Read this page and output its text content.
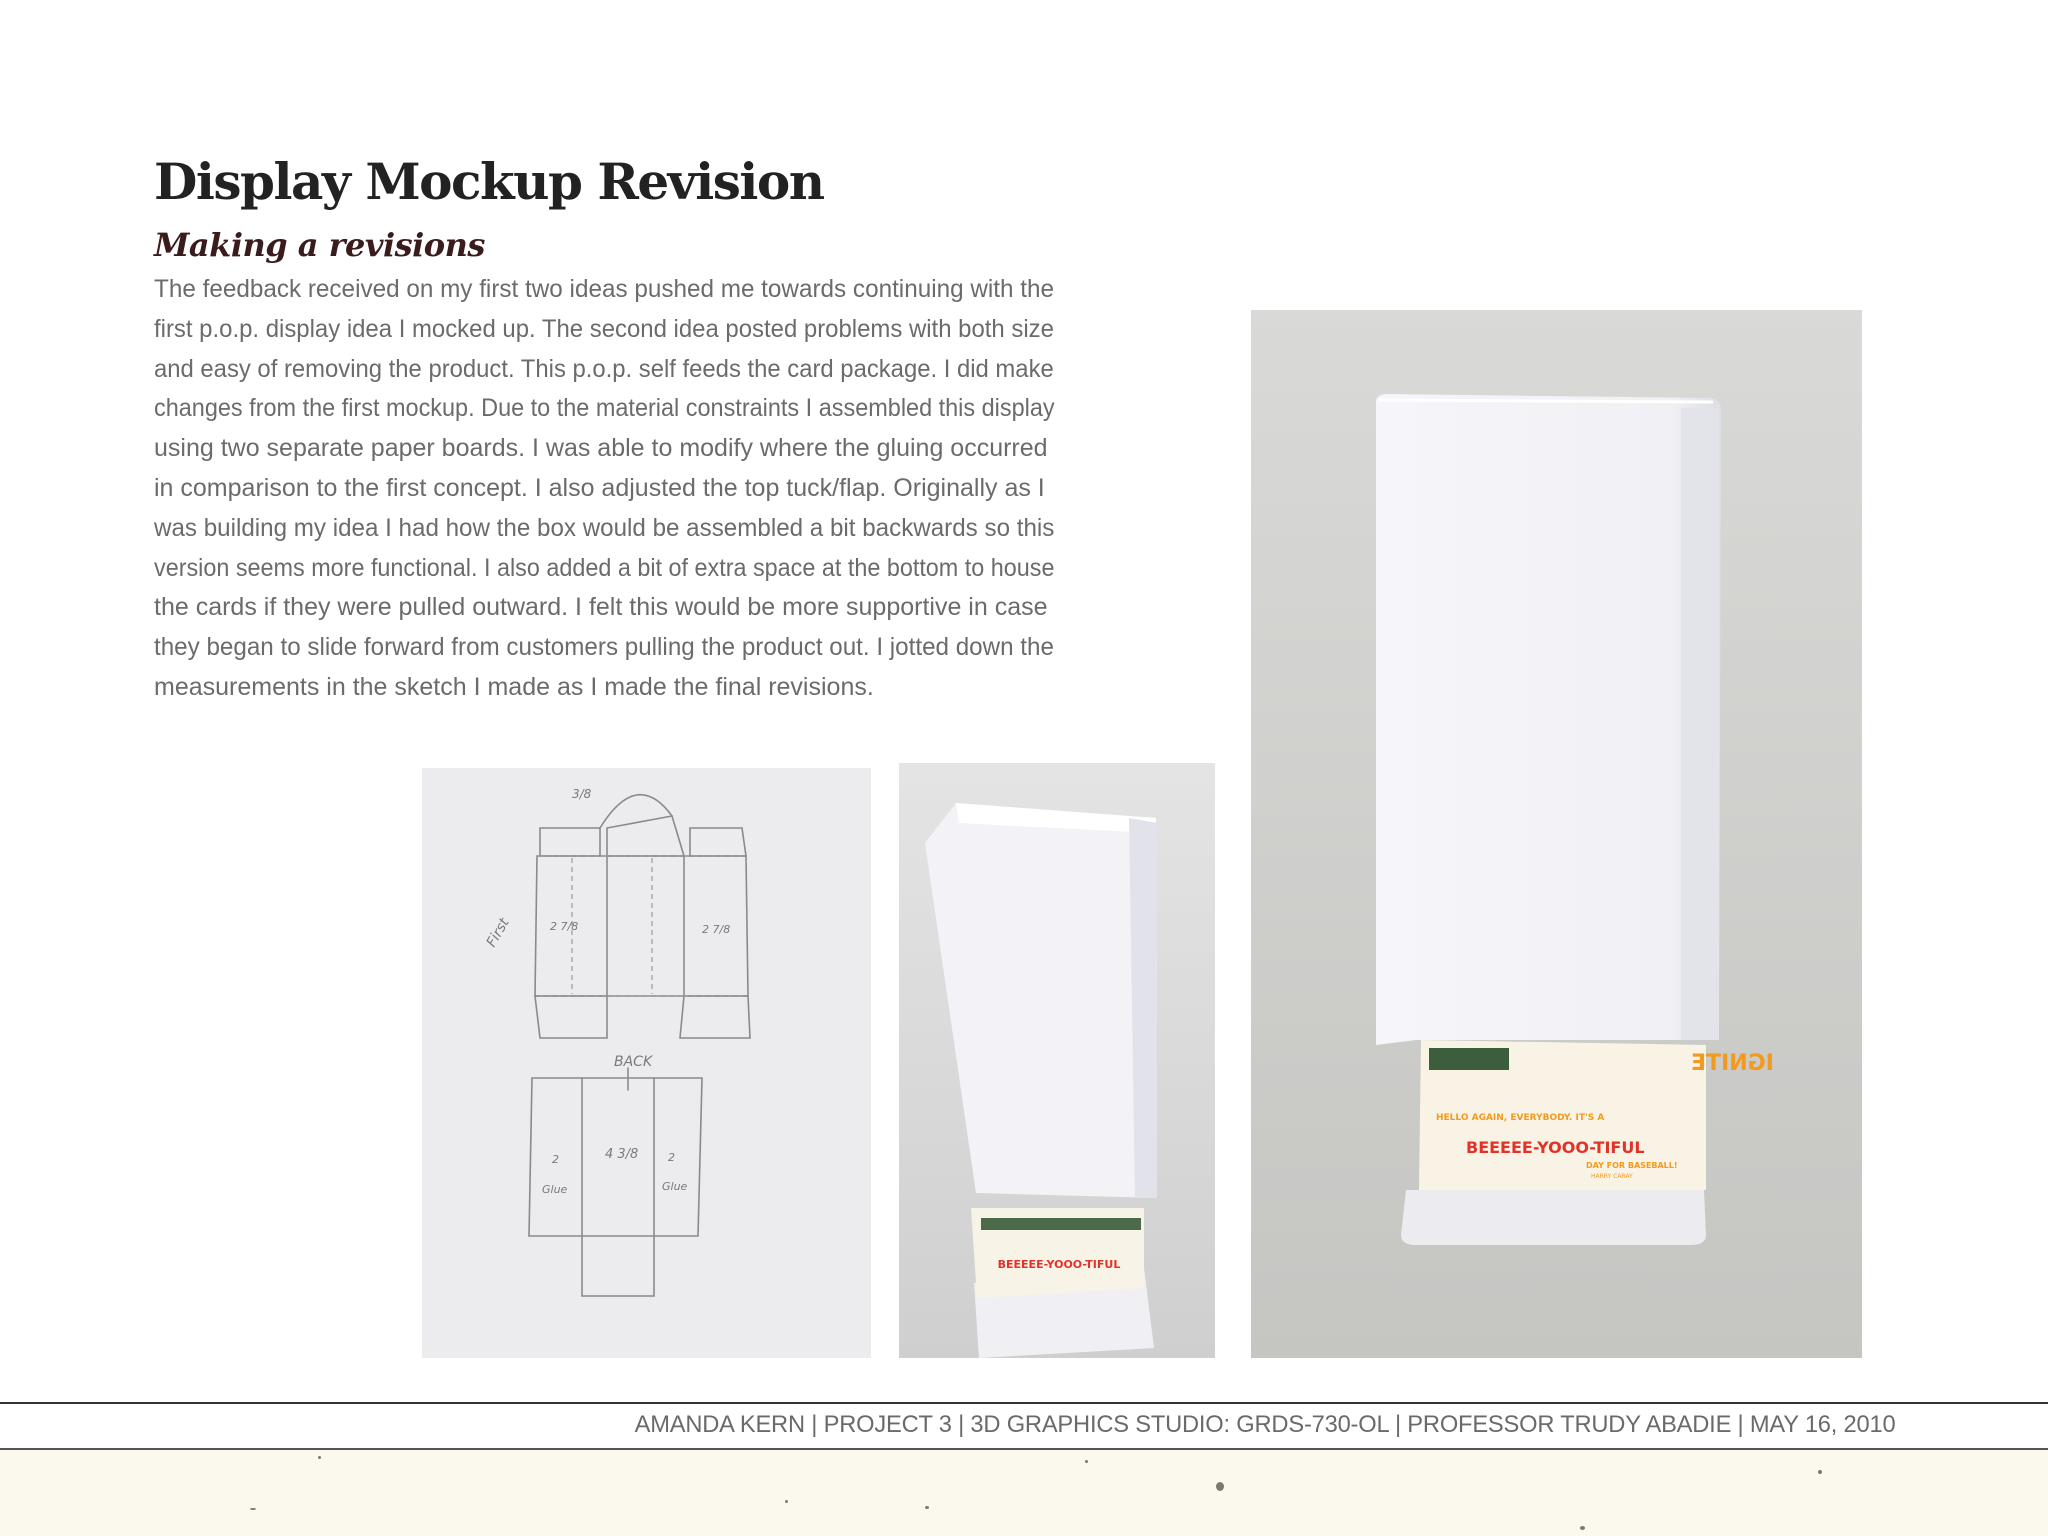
Display Mockup Revision
Making a revisions

The feedback received on my first two ideas pushed me towards continuing with the
first p.o.p. display idea I mocked up. The second idea posted problems with both size
and easy of removing the product. This p.o.p. self feeds the card package. I did make
changes from the first mockup. Due to the material constraints I assembled this display
using two separate paper boards. I was able to modify where the gluing occurred
in comparison to the first concept. I also adjusted the top tuck/flap. Originally as I
was building my idea I had how the box would be assembled a bit backwards so this
version seems more functional. I also added a bit of extra space at the bottom to house
the cards if they were pulled outward. I felt this would be more supportive in case
they began to slide forward from customers pulling the product out. I jotted down the
measurements in the sketch I made as I made the final revisions.

First
BACK
Glue	Glue
3/8
2 7/8	2 7/8
4 3/8
2	2
BEEEEE-YOOO-TIFUL
IGNITE
HELLO AGAIN, EVERYBODY. IT'S A
BEEEEE-YOOO-TIFUL
DAY FOR BASEBALL!
HARRY CARAY
AMANDA KERN | PROJECT 3 | 3D GRAPHICS STUDIO: GRDS-730-OL | PROFESSOR TRUDY ABADIE | MAY 16, 2010
